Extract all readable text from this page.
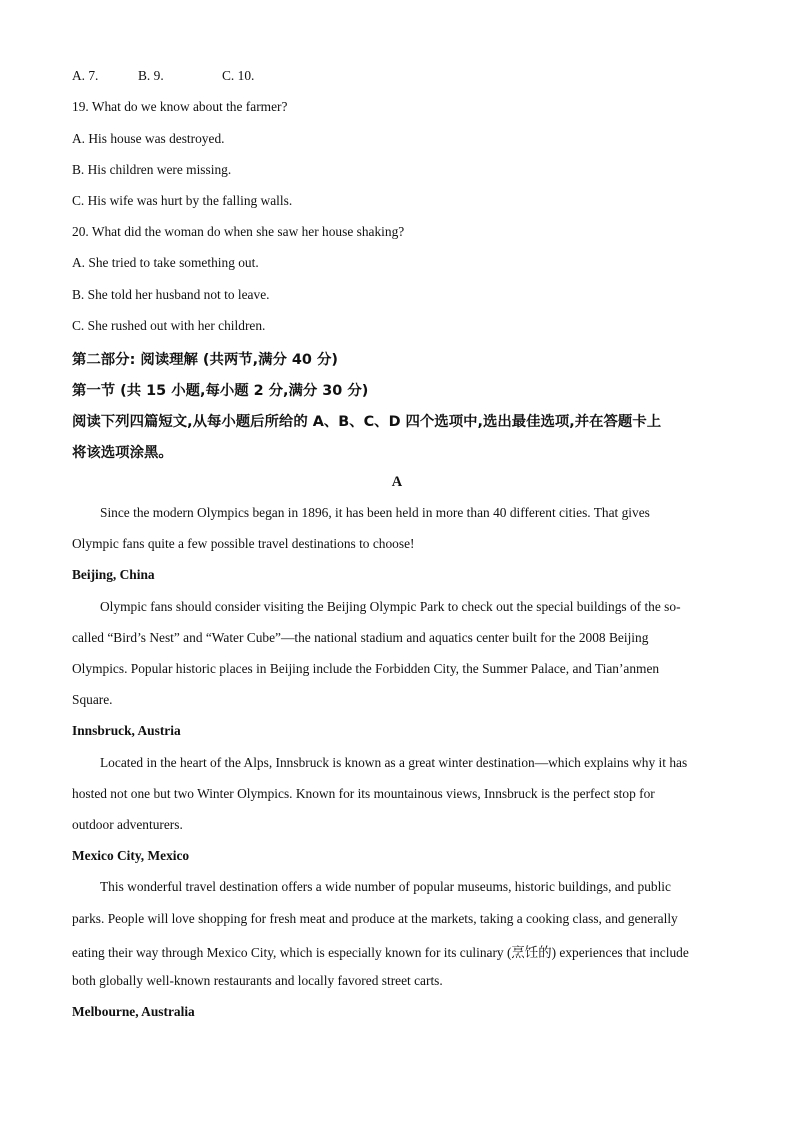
A. 7.	B. 9.	C. 10.
19. What do we know about the farmer?
A. His house was destroyed.
B. His children were missing.
C. His wife was hurt by the falling walls.
20. What did the woman do when she saw her house shaking?
A. She tried to take something out.
B. She told her husband not to leave.
C. She rushed out with her children.
第二部分: 阅读理解 (共两节,满分 40 分)
第一节 (共 15 小题,每小题 2 分,满分 30 分)
阅读下列四篇短文,从每小题后所给的 A、B、C、D 四个选项中,选出最佳选项,并在答题卡上
将该选项涂黑。
A
Since the modern Olympics began in 1896, it has been held in more than 40 different cities. That gives
Olympic fans quite a few possible travel destinations to choose!
Beijing, China
Olympic fans should consider visiting the Beijing Olympic Park to check out the special buildings of the so-
called “Bird’s Nest” and “Water Cube”—the national stadium and aquatics center built for the 2008 Beijing
Olympics. Popular historic places in Beijing include the Forbidden City, the Summer Palace, and Tian’anmen
Square.
Innsbruck, Austria
Located in the heart of the Alps, Innsbruck is known as a great winter destination—which explains why it has
hosted not one but two Winter Olympics. Known for its mountainous views, Innsbruck is the perfect stop for
outdoor adventurers.
Mexico City, Mexico
This wonderful travel destination offers a wide number of popular museums, historic buildings, and public
parks. People will love shopping for fresh meat and produce at the markets, taking a cooking class, and generally
eating their way through Mexico City, which is especially known for its culinary (烹饪的) experiences that include
both globally well-known restaurants and locally favored street carts.
Melbourne, Australia
